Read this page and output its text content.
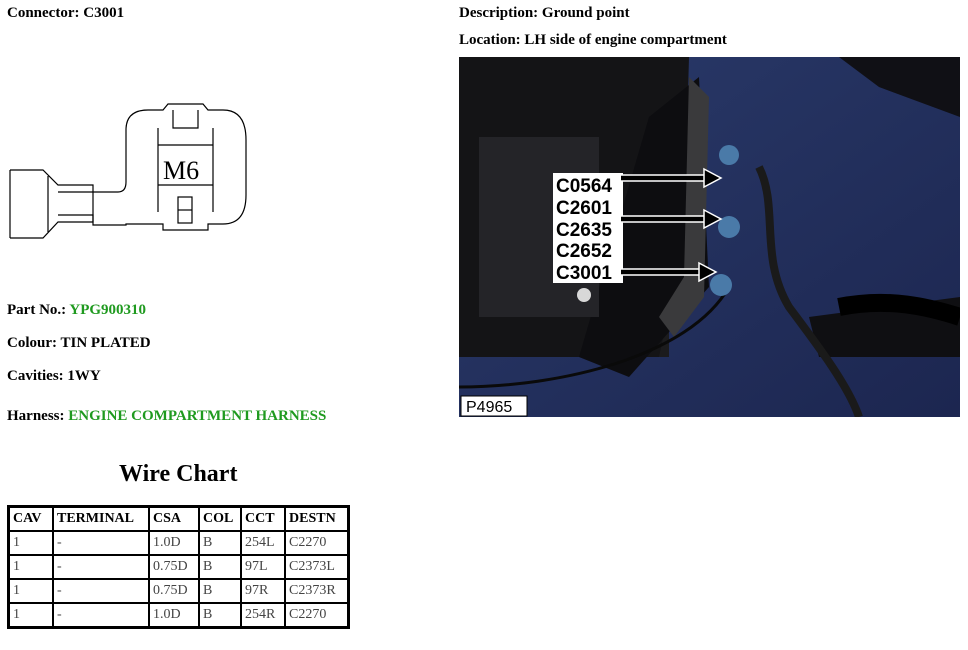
Connector: C3001	Description: Ground point
Location: LH side of engine compartment
M6
C0564
C2601
C2635
C2652
C3001
P4965
Part No.: YPG900310
Colour: TIN PLATED
Cavities: 1WY
Harness: ENGINE COMPARTMENT HARNESS
Wire Chart
CAV	TERMINAL	CSA	COL	CCT	DESTN
1	-	1.0D	B	254L	C2270
1	-	0.75D	B	97L	C2373L
1	-	0.75D	B	97R	C2373R
1	-	1.0D	B	254R	C2270
